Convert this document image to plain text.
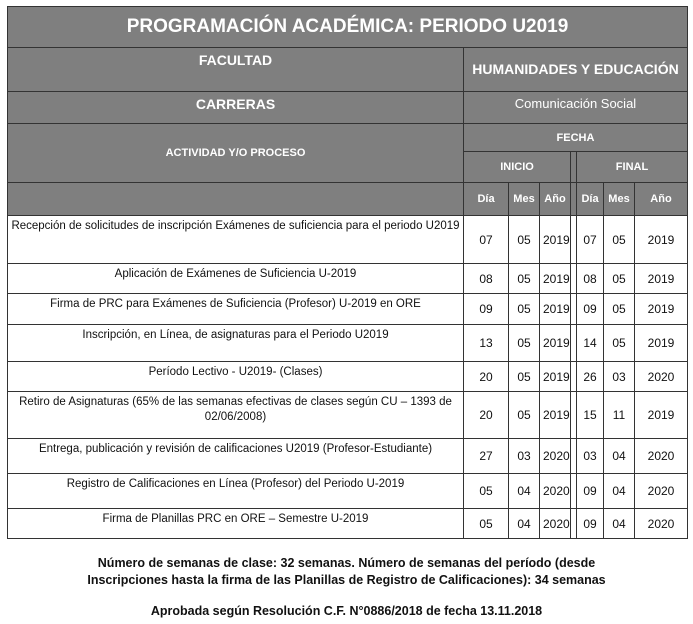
PROGRAMACIÓN ACADÉMICA: PERIODO U2019							
FACULTAD	HUMANIDADES Y EDUCACIÓN						
CARRERAS	Comunicación Social						
ACTIVIDAD Y/O PROCESO	FECHA						
	INICIO				FINAL		
	Día	Mes	Año		Día	Mes	Año
Recepción de solicitudes de inscripción Exámenes de suficiencia para el periodo U2019	07	05	2019		07	05	2019
Aplicación de Exámenes de Suficiencia U-2019	08	05	2019		08	05	2019
Firma de PRC para Exámenes de Suficiencia (Profesor) U-2019 en ORE	09	05	2019		09	05	2019
Inscripción, en Línea, de asignaturas para el Periodo U2019	13	05	2019		14	05	2019
Período Lectivo - U2019- (Clases)	20	05	2019		26	03	2020
Retiro de Asignaturas (65% de las semanas efectivas de clases según CU – 1393 de 02/06/2008)	20	05	2019		15	11	2019
Entrega, publicación y revisión de calificaciones U2019 (Profesor-Estudiante)	27	03	2020		03	04	2020
Registro de Calificaciones en Línea (Profesor) del Periodo U-2019	05	04	2020		09	04	2020
Firma de Planillas PRC en ORE – Semestre U-2019	05	04	2020		09	04	2020
Número de semanas de clase: 32 semanas. Número de semanas del período (desde
Inscripciones hasta la firma de las Planillas de Registro de Calificaciones): 34 semanas
Aprobada según Resolución C.F. N°0886/2018 de fecha 13.11.2018
